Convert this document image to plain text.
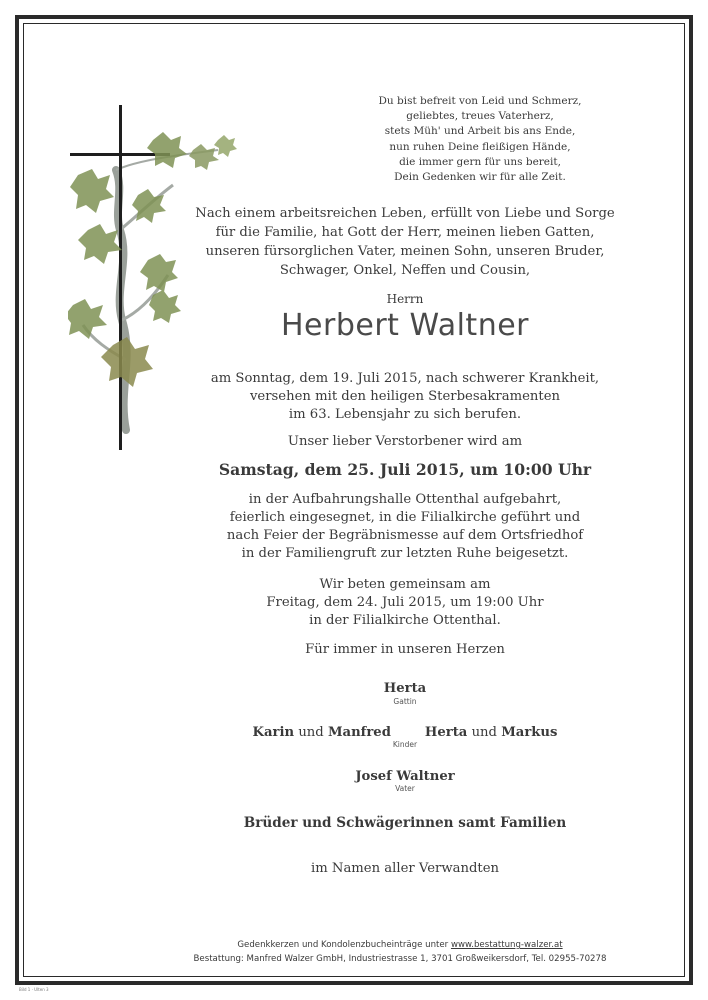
Du bist befreit von Leid und Schmerz,
geliebtes, treues Vaterherz,
stets Müh' und Arbeit bis ans Ende,
nun ruhen Deine fleißigen Hände,
die immer gern für uns bereit,
Dein Gedenken wir für alle Zeit.
Nach einem arbeitsreichen Leben, erfüllt von Liebe und Sorge
für die Familie, hat Gott der Herr, meinen lieben Gatten,
unseren fürsorglichen Vater, meinen Sohn, unseren Bruder,
Schwager, Onkel, Neffen und Cousin,
Herrn
Herbert Waltner
am Sonntag, dem 19. Juli 2015, nach schwerer Krankheit,
versehen mit den heiligen Sterbesakramenten
im 63. Lebensjahr zu sich berufen.
Unser lieber Verstorbener wird am
Samstag, dem 25. Juli 2015, um 10:00 Uhr
in der Aufbahrungshalle Ottenthal aufgebahrt,
feierlich eingesegnet, in die Filialkirche geführt und
nach Feier der Begräbnismesse auf dem Ortsfriedhof
in der Familiengruft zur letzten Ruhe beigesetzt.
Wir beten gemeinsam am
Freitag, dem 24. Juli 2015, um 19:00 Uhr
in der Filialkirche Ottenthal.
Für immer in unseren Herzen
Herta
Gattin
Karin und Manfred	Herta und Markus
Kinder
Josef Waltner
Vater
Brüder und Schwägerinnen samt Familien
im Namen aller Verwandten
Gedenkkerzen und Kondolenzbucheinträge unter www.bestattung-walzer.at
Bestattung: Manfred Walzer GmbH, Industriestrasse 1, 3701 Großweikersdorf, Tel. 02955-70278
Bild 1 · Ulten 3
